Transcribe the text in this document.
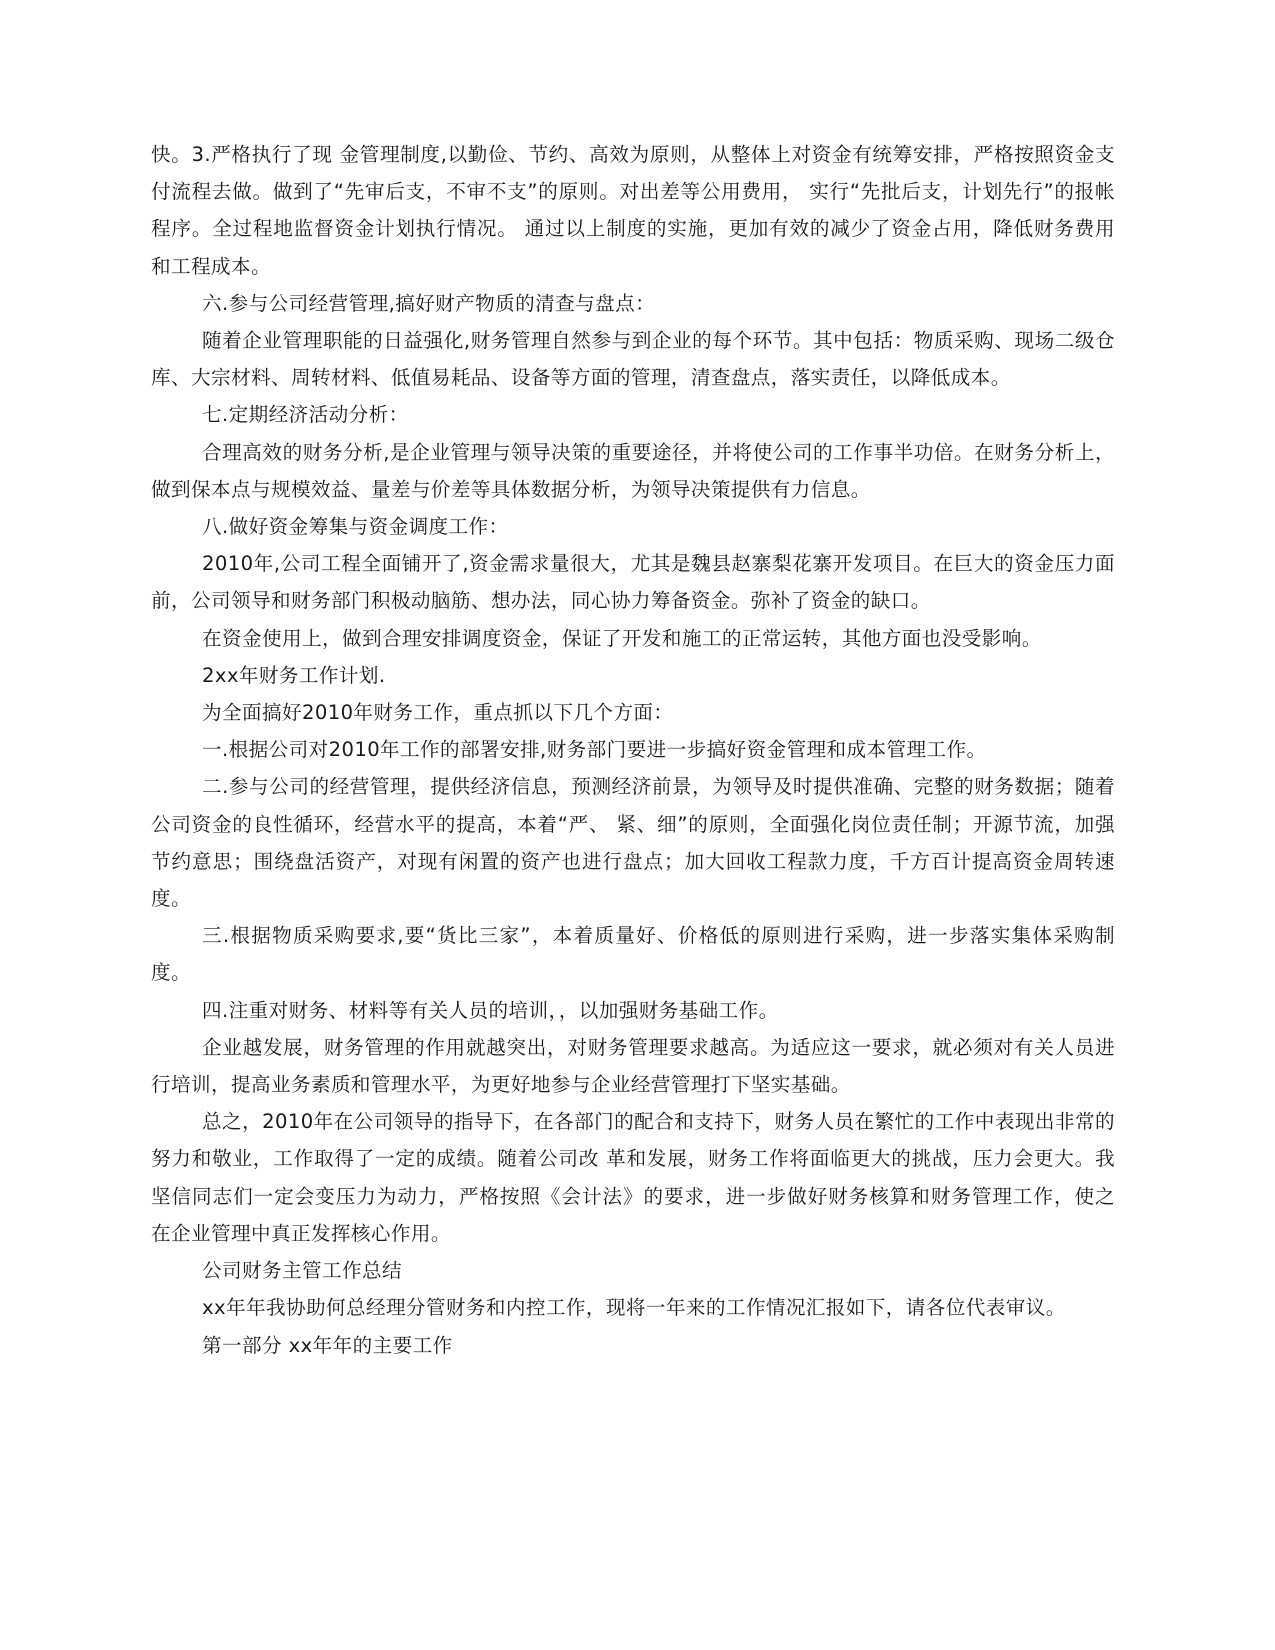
快。3.严格执行了现 金管理制度,以勤俭、节约、高效为原则，从整体上对资金有统筹安排，严格按照资金支付流程去做。做到了“先审后支，不审不支”的原则。对出差等公用费用， 实行“先批后支，计划先行”的报帐程序。全过程地监督资金计划执行情况。 通过以上制度的实施，更加有效的减少了资金占用，降低财务费用和工程成本。

六.参与公司经营管理,搞好财产物质的清查与盘点：

随着企业管理职能的日益强化,财务管理自然参与到企业的每个环节。其中包括：物质采购、现场二级仓库、大宗材料、周转材料、低值易耗品、设备等方面的管理，清查盘点，落实责任，以降低成本。

七.定期经济活动分析：

合理高效的财务分析,是企业管理与领导决策的重要途径，并将使公司的工作事半功倍。在财务分析上，做到保本点与规模效益、量差与价差等具体数据分析，为领导决策提供有力信息。

八.做好资金筹集与资金调度工作：

2010年,公司工程全面铺开了,资金需求量很大，尤其是魏县赵寨梨花寨开发项目。在巨大的资金压力面前，公司领导和财务部门积极动脑筋、想办法，同心协力筹备资金。弥补了资金的缺口。

在资金使用上，做到合理安排调度资金，保证了开发和施工的正常运转，其他方面也没受影响。

2xx年财务工作计划.

为全面搞好2010年财务工作，重点抓以下几个方面：

一.根据公司对2010年工作的部署安排,财务部门要进一步搞好资金管理和成本管理工作。

二.参与公司的经营管理，提供经济信息，预测经济前景，为领导及时提供准确、完整的财务数据；随着公司资金的良性循环，经营水平的提高，本着“严、 紧、细”的原则，全面强化岗位责任制；开源节流，加强节约意思；围绕盘活资产，对现有闲置的资产也进行盘点；加大回收工程款力度，千方百计提高资金周转速 度。

三.根据物质采购要求,要“货比三家”，本着质量好、价格低的原则进行采购，进一步落实集体采购制度。

四.注重对财务、材料等有关人员的培训，，以加强财务基础工作。

企业越发展，财务管理的作用就越突出，对财务管理要求越高。为适应这一要求，就必须对有关人员进行培训，提高业务素质和管理水平，为更好地参与企业经营管理打下坚实基础。

总之，2010年在公司领导的指导下，在各部门的配合和支持下，财务人员在繁忙的工作中表现出非常的努力和敬业，工作取得了一定的成绩。随着公司改 革和发展，财务工作将面临更大的挑战，压力会更大。我坚信同志们一定会变压力为动力，严格按照《会计法》的要求，进一步做好财务核算和财务管理工作，使之 在企业管理中真正发挥核心作用。

公司财务主管工作总结

xx年年我协助何总经理分管财务和内控工作，现将一年来的工作情况汇报如下，请各位代表审议。

第一部分 xx年年的主要工作
